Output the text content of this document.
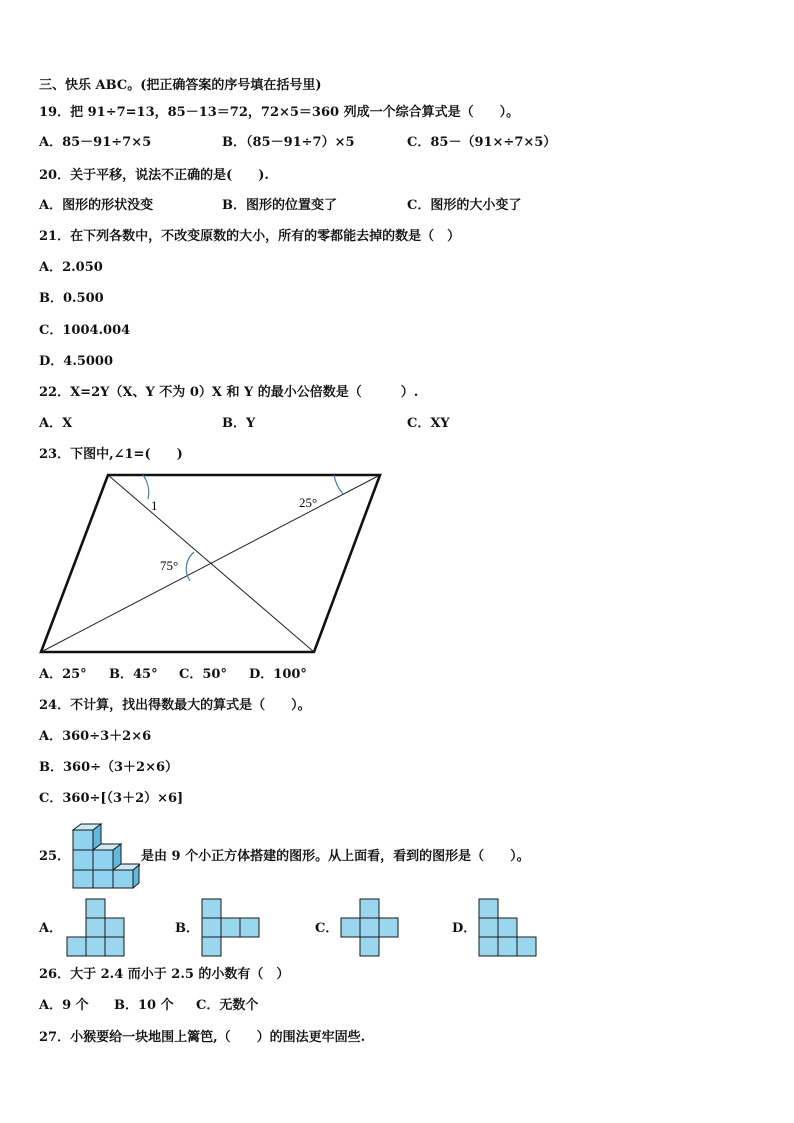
三、快乐 ABC。(把正确答案的序号填在括号里)
19．把 91÷7=13，85－13＝72，72×5＝360 列成一个综合算式是（　　）。
A．85－91÷7×5	B．（85－91÷7）×5	C．85－（91×÷7×5）
20．关于平移，说法不正确的是(　　).
A．图形的形状没变	B．图形的位置变了	C．图形的大小变了
21．在下列各数中，不改变原数的大小，所有的零都能去掉的数是（　）
A．2.050
B．0.500
C．1004.004
D．4.5000
22．X=2Y（X、Y 不为 0）X 和 Y 的最小公倍数是（　　　）.
A．X	B．Y	C．XY
23．下图中,∠1=(　　)
1	25°
75°
A．25° B．45° C．50° D．100°
24．不计算，找出得数最大的算式是（　　）。
A．360÷3＋2×6
B．360÷（3＋2×6）
C．360÷[（3＋2）×6]
25．	是由 9 个小正方体搭建的图形。从上面看，看到的图形是（　　）。
A．	B．	C．	D．
26．大于 2.4 而小于 2.5 的小数有（　）
A．9 个 B．10 个 C．无数个
27．小猴要给一块地围上篱笆,（　　）的围法更牢固些.
